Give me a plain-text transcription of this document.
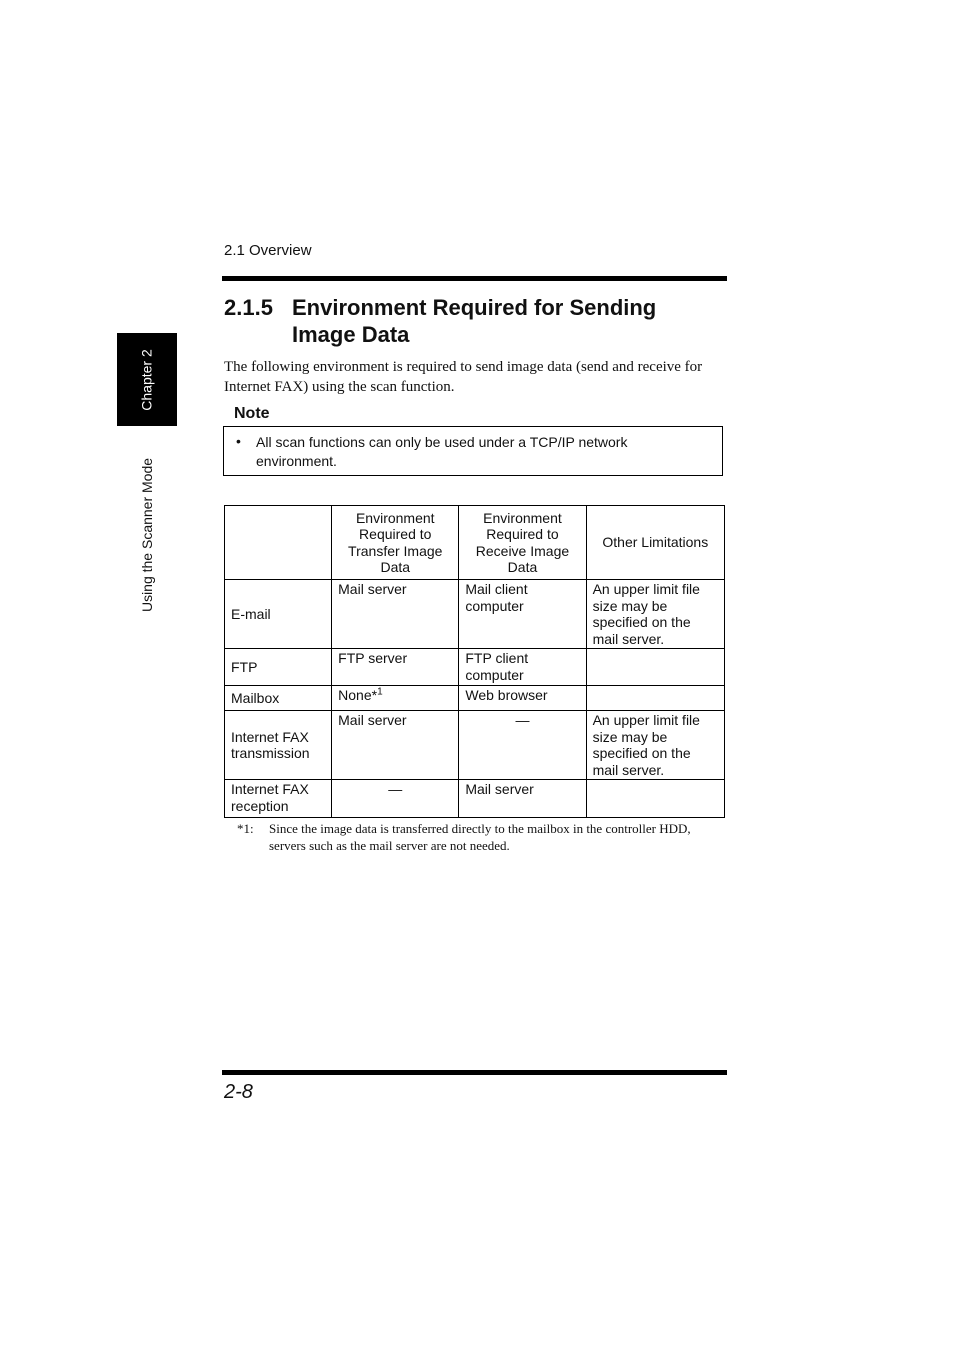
Chapter 2
Using the Scanner Mode
2.1 Overview
2.1.5 Environment Required for Sending Image Data

The following environment is required to send image data (send and receive for Internet FAX) using the scan function.

Note
• All scan functions can only be used under a TCP/IP network environment.
	Environment Required to Transfer Image Data	Environment Required to Receive Image Data	Other Limitations
E-mail	Mail server	Mail client computer	An upper limit file size may be specified on the mail server.
FTP	FTP server	FTP client computer	
Mailbox	None*$^1$	Web browser	
Internet FAX transmission	Mail server	—	An upper limit file size may be specified on the mail server.
Internet FAX reception	—	Mail server	
*1:	Since the image data is transferred directly to the mailbox in the controller HDD, servers such as the mail server are not needed.
2-8
